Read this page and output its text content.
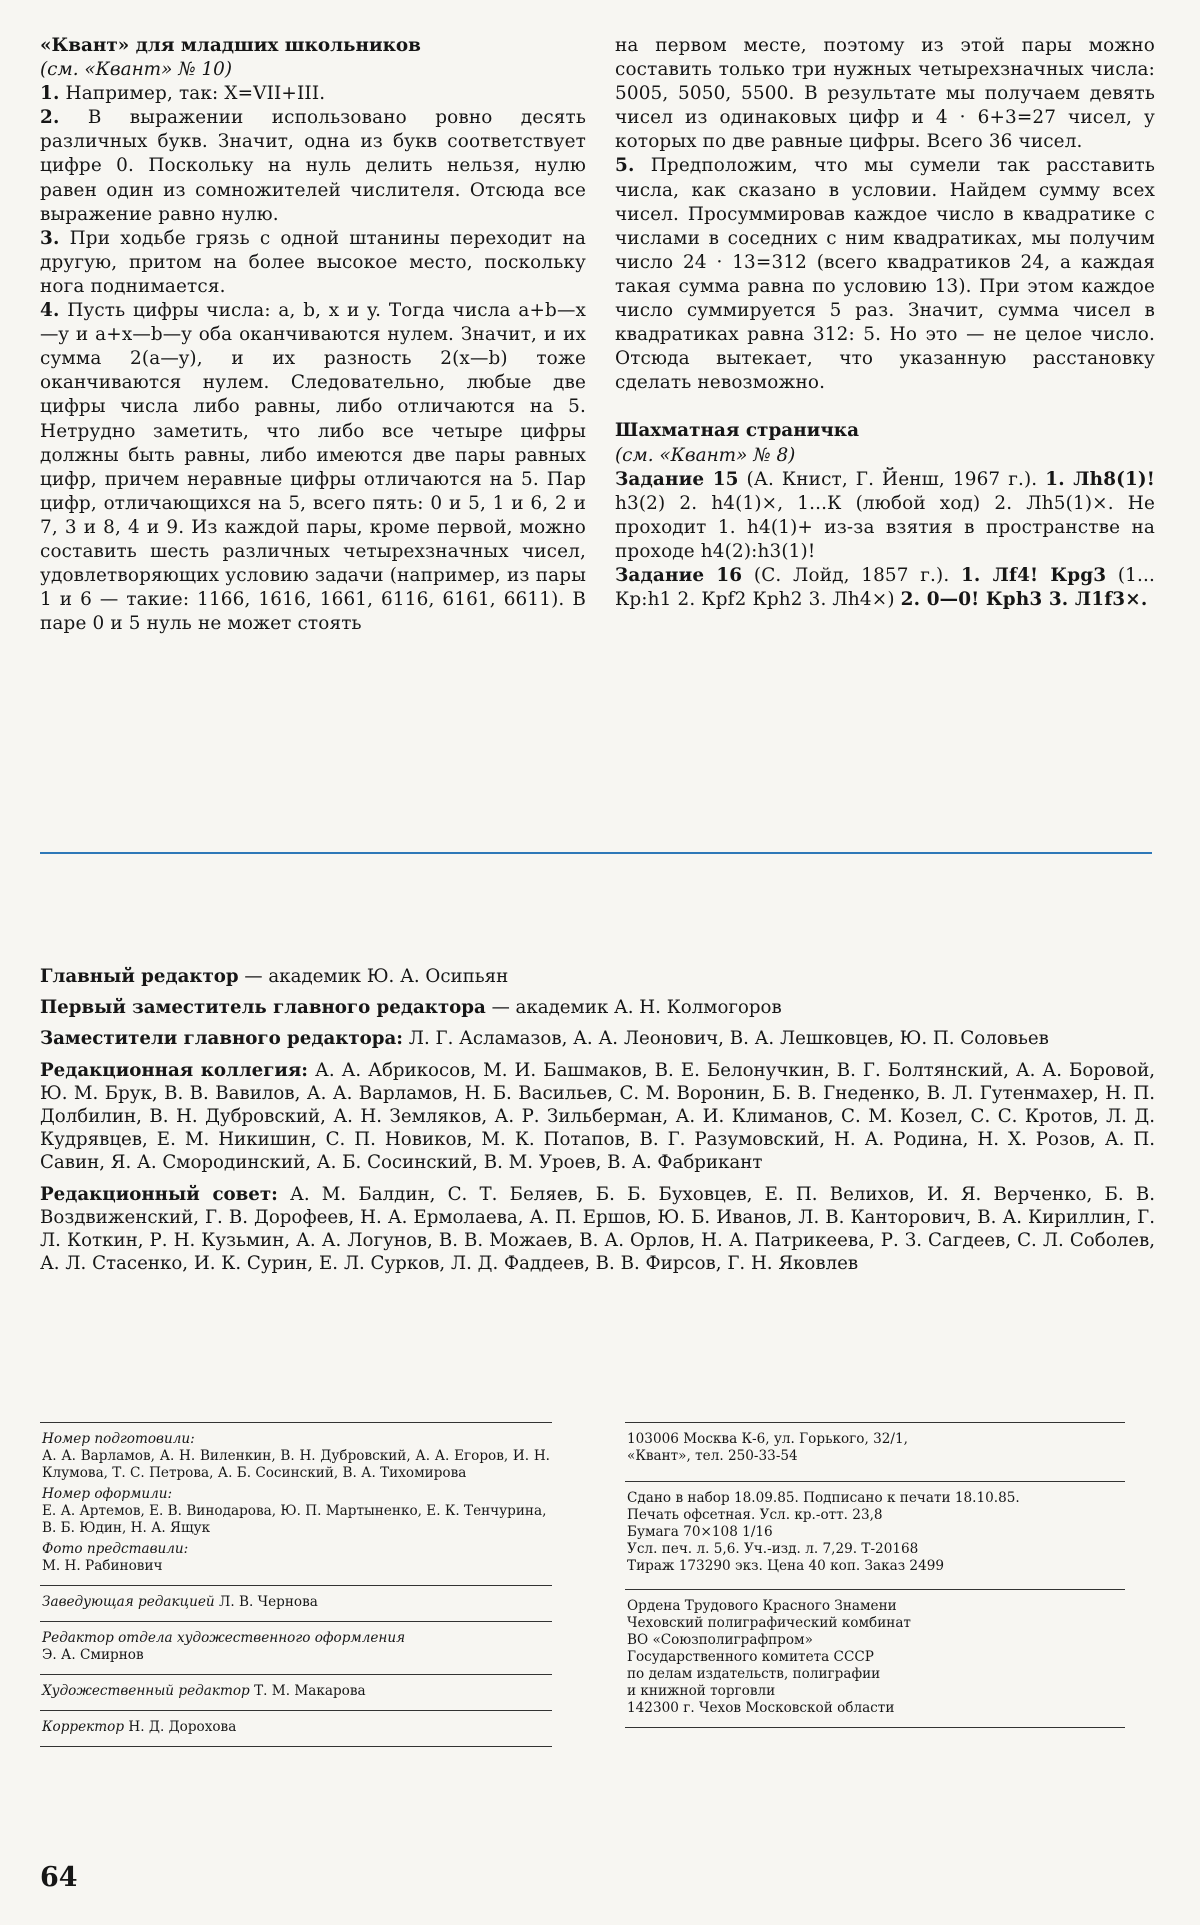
«Квант» для младших школьников

(см. «Квант» № 10)

1. Например, так: X=VII+III.

2. В выражении использовано ровно десять различных букв. Значит, одна из букв соответствует цифре 0. Поскольку на нуль делить нельзя, нулю равен один из сомножителей числителя. Отсюда все выражение равно нулю.

3. При ходьбе грязь с одной штанины переходит на другую, притом на более высокое место, поскольку нога поднимается.

4. Пусть цифры числа: a, b, x и y. Тогда числа a+b—x—y и a+x—b—y оба оканчиваются нулем. Значит, и их сумма 2(a—y), и их разность 2(x—b) тоже оканчиваются нулем. Следовательно, любые две цифры числа либо равны, либо отличаются на 5. Нетрудно заметить, что либо все четыре цифры должны быть равны, либо имеются две пары равных цифр, причем неравные цифры отличаются на 5. Пар цифр, отличающихся на 5, всего пять: 0 и 5, 1 и 6, 2 и 7, 3 и 8, 4 и 9. Из каждой пары, кроме первой, можно составить шесть различных четырехзначных чисел, удовлетворяющих условию задачи (например, из пары 1 и 6 — такие: 1166, 1616, 1661, 6116, 6161, 6611). В паре 0 и 5 нуль не может стоять

на первом месте, поэтому из этой пары можно составить только три нужных четырехзначных числа: 5005, 5050, 5500. В результате мы получаем девять чисел из одинаковых цифр и 4 · 6+3=27 чисел, у которых по две равные цифры. Всего 36 чисел.

5. Предположим, что мы сумели так расставить числа, как сказано в условии. Найдем сумму всех чисел. Просуммировав каждое число в квадратике с числами в соседних с ним квадратиках, мы получим число 24 · 13=312 (всего квадратиков 24, а каждая такая сумма равна по условию 13). При этом каждое число суммируется 5 раз. Значит, сумма чисел в квадратиках равна 312: 5. Но это — не целое число. Отсюда вытекает, что указанную расстановку сделать невозможно.

Шахматная страничка

(см. «Квант» № 8)

Задание 15 (А. Книст, Г. Йенш, 1967 г.). 1. Лh8(1)! h3(2) 2. h4(1)×, 1...К (любой ход) 2. Лh5(1)×. Не проходит 1. h4(1)+ из-за взятия в пространстве на проходе h4(2):h3(1)!

Задание 16 (С. Лойд, 1857 г.). 1. Лf4! Крg3 (1... Кр:h1 2. Крf2 Крh2 3. Лh4×) 2. 0—0! Крh3 3. Л1f3×.

Главный редактор — академик Ю. А. Осипьян

Первый заместитель главного редактора — академик А. Н. Колмогоров

Заместители главного редактора: Л. Г. Асламазов, А. А. Леонович, В. А. Лешковцев, Ю. П. Соловьев

Редакционная коллегия: А. А. Абрикосов, М. И. Башмаков, В. Е. Белонучкин, В. Г. Болтянский, А. А. Боровой, Ю. М. Брук, В. В. Вавилов, А. А. Варламов, Н. Б. Васильев, С. М. Воронин, Б. В. Гнеденко, В. Л. Гутенмахер, Н. П. Долбилин, В. Н. Дубровский, А. Н. Земляков, А. Р. Зильберман, А. И. Климанов, С. М. Козел, С. С. Кротов, Л. Д. Кудрявцев, Е. М. Никишин, С. П. Новиков, М. К. Потапов, В. Г. Разумовский, Н. А. Родина, Н. Х. Розов, А. П. Савин, Я. А. Смородинский, А. Б. Сосинский, В. М. Уроев, В. А. Фабрикант

Редакционный совет: А. М. Балдин, С. Т. Беляев, Б. Б. Буховцев, Е. П. Велихов, И. Я. Верченко, Б. В. Воздвиженский, Г. В. Дорофеев, Н. А. Ермолаева, А. П. Ершов, Ю. Б. Иванов, Л. В. Канторович, В. А. Кириллин, Г. Л. Коткин, Р. Н. Кузьмин, А. А. Логунов, В. В. Можаев, В. А. Орлов, Н. А. Патрикеева, Р. З. Сагдеев, С. Л. Соболев, А. Л. Стасенко, И. К. Сурин, Е. Л. Сурков, Л. Д. Фаддеев, В. В. Фирсов, Г. Н. Яковлев

Номер подготовили:

А. А. Варламов, А. Н. Виленкин, В. Н. Дубровский, А. А. Егоров, И. Н. Клумова, Т. С. Петрова, А. Б. Сосинский, В. А. Тихомирова

Номер оформили:

Е. А. Артемов, Е. В. Винодарова, Ю. П. Мартыненко, Е. К. Тенчурина, В. Б. Юдин, Н. А. Ящук

Фото представили:

М. Н. Рабинович

Заведующая редакцией Л. В. Чернова

Редактор отдела художественного оформления

Э. А. Смирнов

Художественный редактор Т. М. Макарова

Корректор Н. Д. Дорохова

103006 Москва К-6, ул. Горького, 32/1,

«Квант», тел. 250-33-54

Сдано в набор 18.09.85. Подписано к печати 18.10.85.

Печать офсетная. Усл. кр.-отт. 23,8

Бумага 70×108 1/16

Усл. печ. л. 5,6. Уч.-изд. л. 7,29. Т-20168

Тираж 173290 экз. Цена 40 коп. Заказ 2499

Ордена Трудового Красного Знамени

Чеховский полиграфический комбинат

ВО «Союзполиграфпром»

Государственного комитета СССР

по делам издательств, полиграфии

и книжной торговли

142300 г. Чехов Московской области

64
